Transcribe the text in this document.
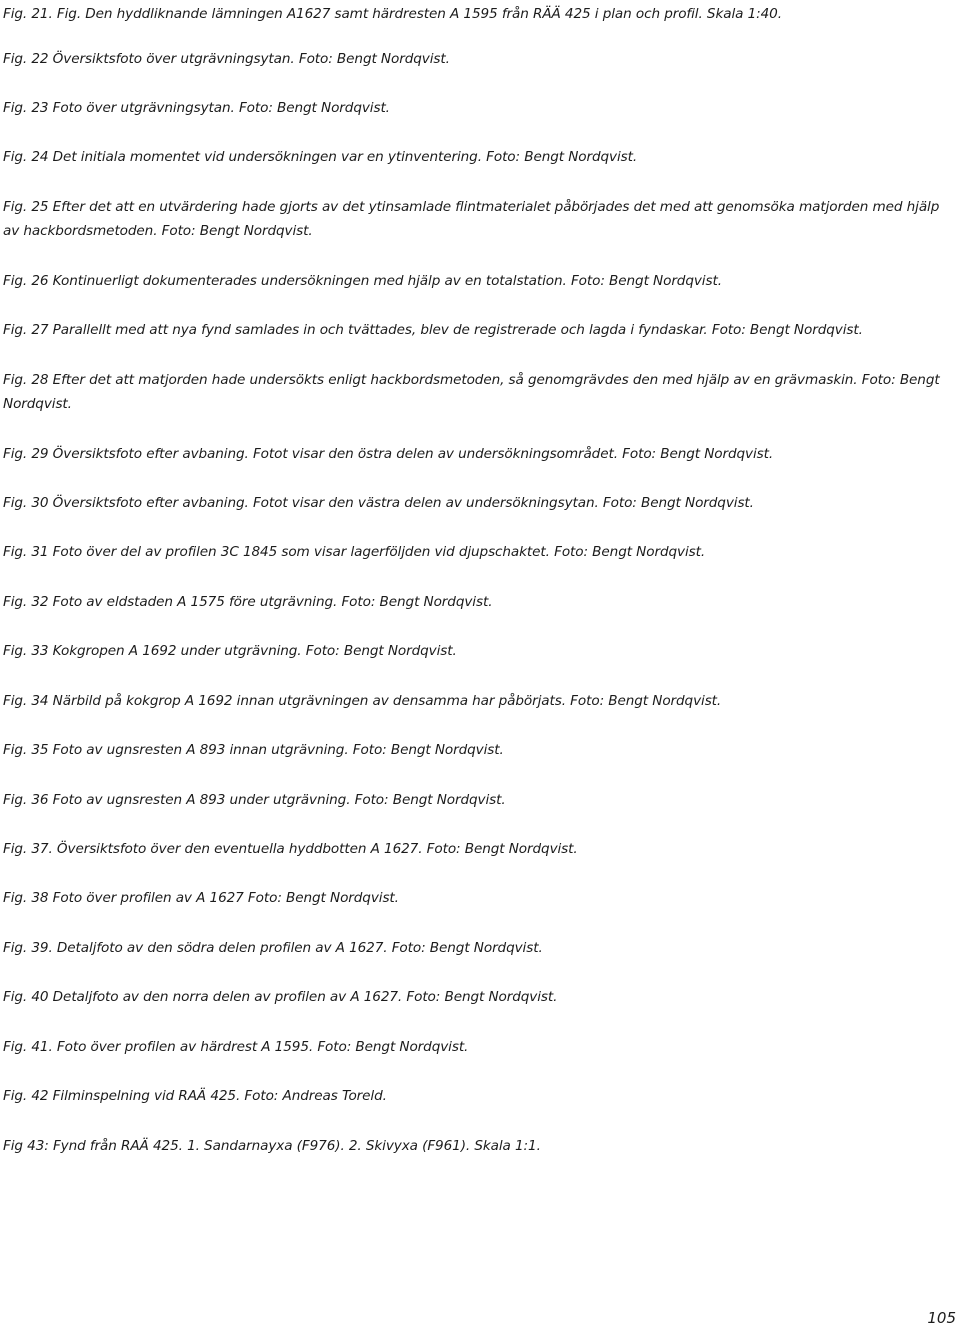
Fig. 21. Fig. Den hyddliknande lämningen A1627 samt härdresten A 1595 från RÄÄ 425 i plan och profil. Skala 1:40.

Fig. 22 Översiktsfoto över utgrävningsytan. Foto: Bengt Nordqvist.

Fig. 23 Foto över utgrävningsytan. Foto: Bengt Nordqvist.

Fig. 24 Det initiala momentet vid undersökningen var en ytinventering. Foto: Bengt Nordqvist.

Fig. 25 Efter det att en utvärdering hade gjorts av det ytinsamlade flintmaterialet påbörjades det med att genomsöka matjorden med hjälp av hackbordsmetoden. Foto: Bengt Nordqvist.

Fig. 26 Kontinuerligt dokumenterades undersökningen med hjälp av en totalstation. Foto: Bengt Nordqvist.

Fig. 27 Parallellt med att nya fynd samlades in och tvättades, blev de registrerade och lagda i fyndaskar. Foto: Bengt Nordqvist.

Fig. 28 Efter det att matjorden hade undersökts enligt hackbordsmetoden, så genomgrävdes den med hjälp av en grävmaskin. Foto: Bengt Nordqvist.

Fig. 29 Översiktsfoto efter avbaning. Fotot visar den östra delen av undersökningsområdet. Foto: Bengt Nordqvist.

Fig. 30 Översiktsfoto efter avbaning. Fotot visar den västra delen av undersökningsytan. Foto: Bengt Nordqvist.

Fig. 31 Foto över del av profilen 3C 1845 som visar lagerföljden vid djupschaktet. Foto: Bengt Nordqvist.

Fig. 32 Foto av eldstaden A 1575 före utgrävning. Foto: Bengt Nordqvist.

Fig. 33 Kokgropen A 1692 under utgrävning. Foto: Bengt Nordqvist.

Fig. 34 Närbild på kokgrop A 1692 innan utgrävningen av densamma har påbörjats. Foto: Bengt Nordqvist.

Fig. 35 Foto av ugnsresten A 893 innan utgrävning. Foto: Bengt Nordqvist.

Fig. 36 Foto av ugnsresten A 893 under utgrävning. Foto: Bengt Nordqvist.

Fig. 37. Översiktsfoto över den eventuella hyddbotten A 1627. Foto: Bengt Nordqvist.

Fig. 38 Foto över profilen av A 1627 Foto: Bengt Nordqvist.

Fig. 39. Detaljfoto av den södra delen profilen av A 1627. Foto: Bengt Nordqvist.

Fig. 40 Detaljfoto av den norra delen av profilen av A 1627. Foto: Bengt Nordqvist.

Fig. 41. Foto över profilen av härdrest A 1595. Foto: Bengt Nordqvist.

Fig. 42 Filminspelning vid RAÄ 425. Foto: Andreas Toreld.

Fig 43: Fynd från RAÄ 425. 1. Sandarnayxa (F976). 2. Skivyxa (F961). Skala 1:1.

105
